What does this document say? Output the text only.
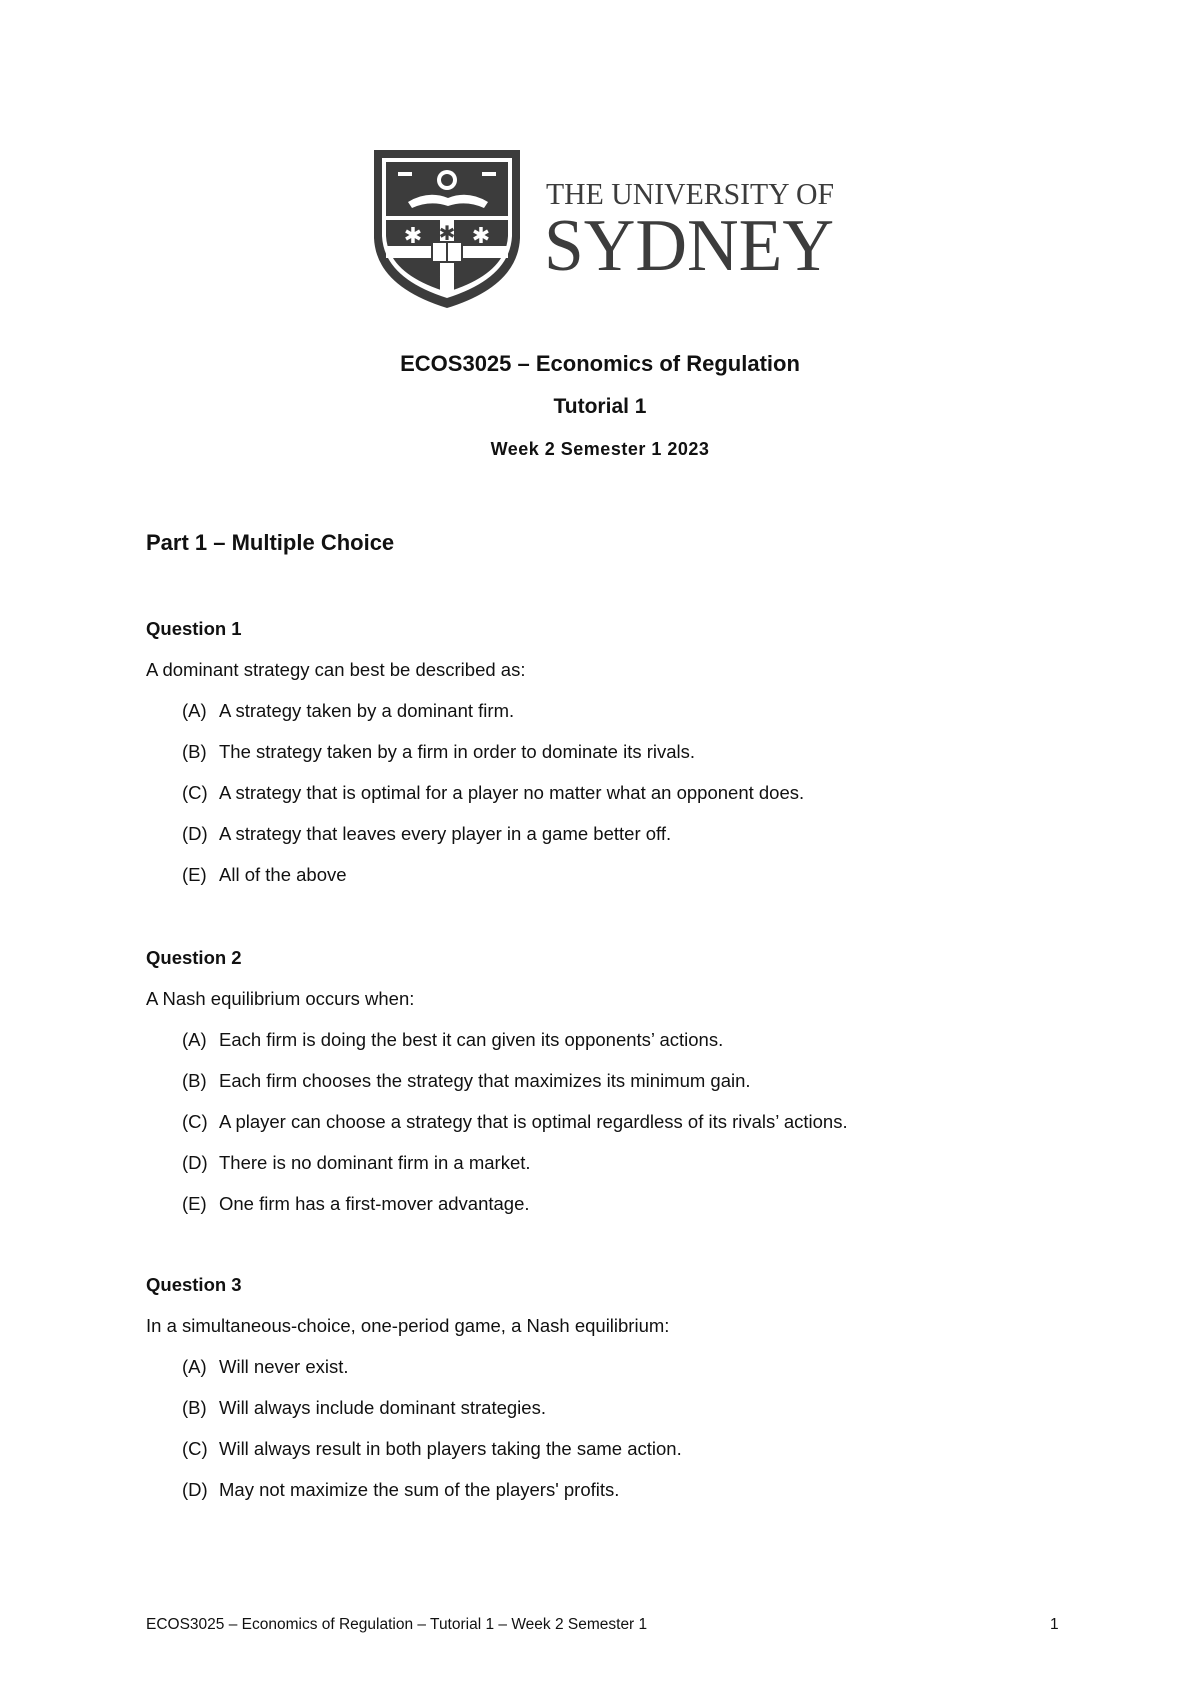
✱ ✱
✱
✱
THE UNIVERSITY OF
SYDNEY
ECOS3025 – Economics of Regulation
Tutorial 1
Week 2 Semester 1 2023
Part 1 – Multiple Choice
Question 1
A dominant strategy can best be described as:
(A) A strategy taken by a dominant firm.
(B) The strategy taken by a firm in order to dominate its rivals.
(C) A strategy that is optimal for a player no matter what an opponent does.
(D) A strategy that leaves every player in a game better off.
(E) All of the above
Question 2
A Nash equilibrium occurs when:
(A) Each firm is doing the best it can given its opponents’ actions.
(B) Each firm chooses the strategy that maximizes its minimum gain.
(C) A player can choose a strategy that is optimal regardless of its rivals’ actions.
(D) There is no dominant firm in a market.
(E) One firm has a first-mover advantage.
Question 3
In a simultaneous-choice, one-period game, a Nash equilibrium:
(A) Will never exist.
(B) Will always include dominant strategies.
(C) Will always result in both players taking the same action.
(D) May not maximize the sum of the players' profits.
ECOS3025 – Economics of Regulation – Tutorial 1 – Week 2 Semester 1	1
